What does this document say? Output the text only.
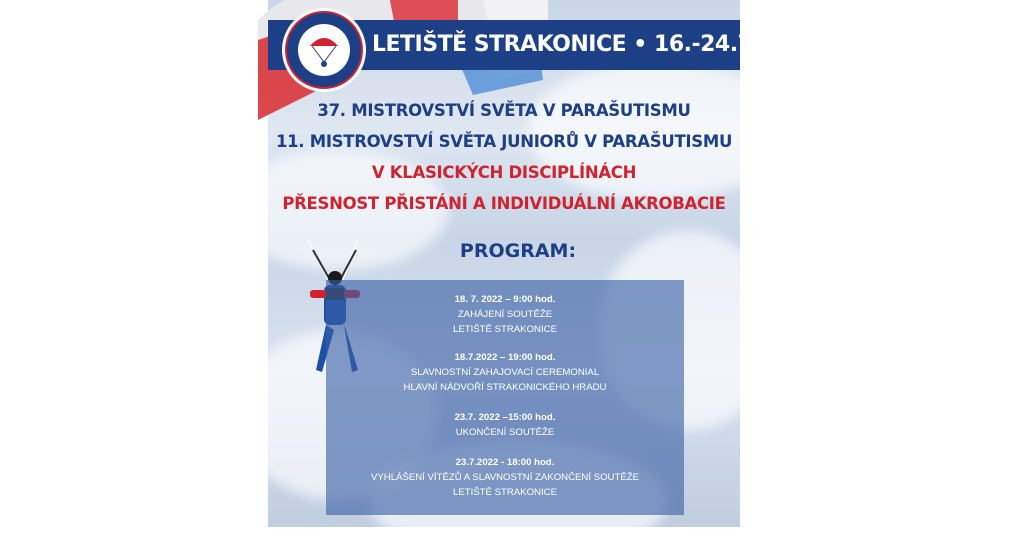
LETIŠTĚ STRAKONICE • 16.-24.7.2022
37. MISTROVSTVÍ SVĚTA V PARAŠUTISMU
11. MISTROVSTVÍ SVĚTA JUNIORŮ V PARAŠUTISMU
V KLASICKÝCH DISCIPLÍNÁCH
PŘESNOST PŘISTÁNÍ A INDIVIDUÁLNÍ AKROBACIE
PROGRAM:
18. 7. 2022 – 9:00 hod.
ZAHÁJENÍ SOUTĚŽE
LETIŠTĚ STRAKONICE
18.7.2022 – 19:00 hod.
SLAVNOSTNÍ ZAHAJOVACÍ CEREMONIAL
HLAVNÍ NÁDVOŘÍ STRAKONICKÉHO HRADU
23.7. 2022 –15:00 hod.
UKONČENÍ SOUTĚŽE
23.7.2022 - 18:00 hod.
VYHLÁŠENÍ VÍTĚZŮ A SLAVNOSTNÍ ZAKONČENÍ SOUTĚŽE
LETIŠTĚ STRAKONICE
